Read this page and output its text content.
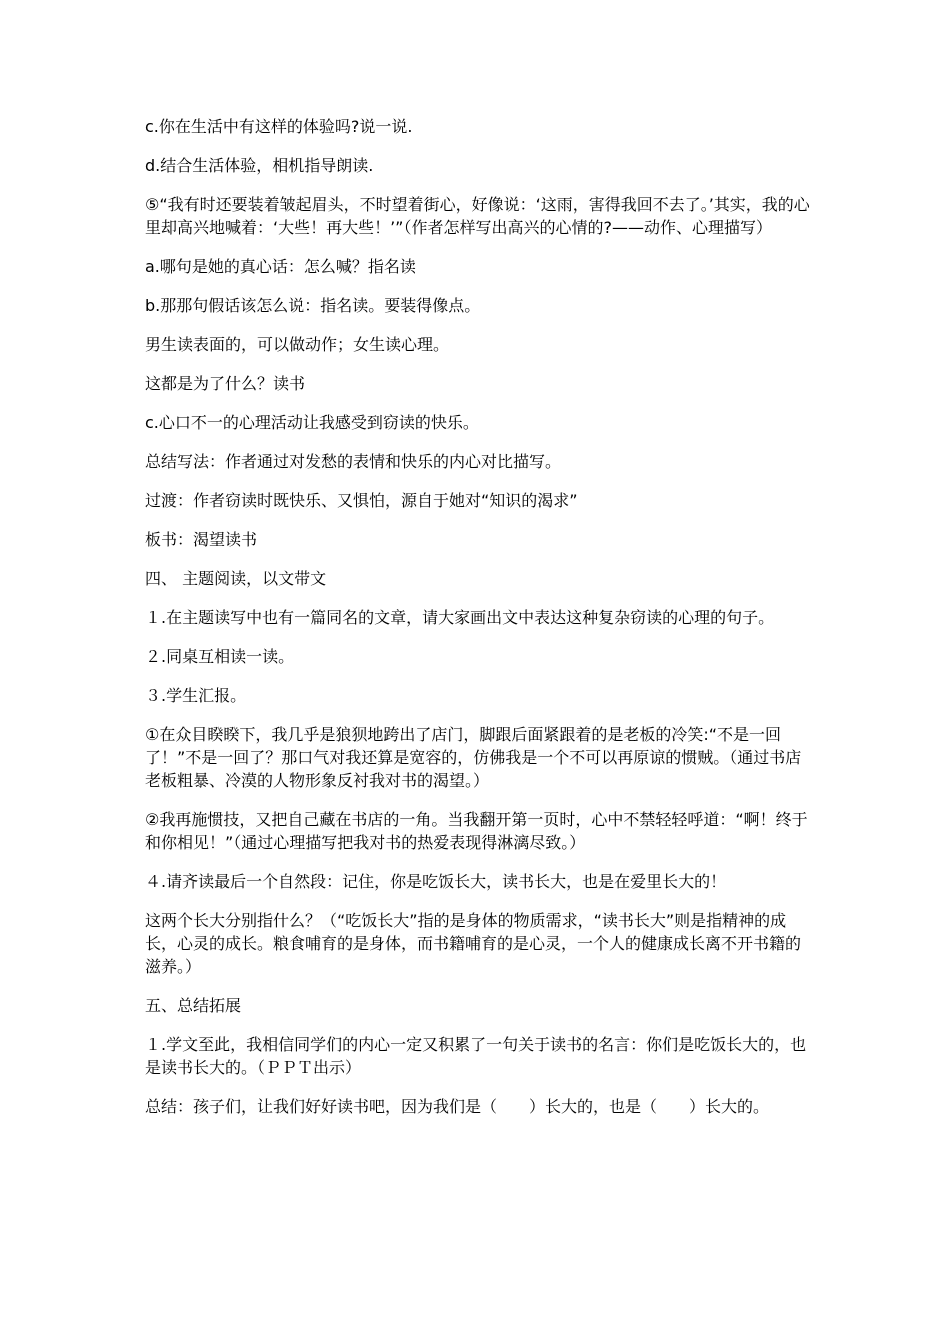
c.你在生活中有这样的体验吗?说一说.

d.结合生活体验，相机指导朗读.

⑤“我有时还要装着皱起眉头，不时望着街心，好像说：‘这雨，害得我回不去了。’其实，我的心里却高兴地喊着：‘大些！再大些！’”（作者怎样写出高兴的心情的?——动作、心理描写）

a.哪句是她的真心话：怎么喊？指名读

b.那那句假话该怎么说：指名读。要装得像点。

男生读表面的，可以做动作；女生读心理。

这都是为了什么？读书

c.心口不一的心理活动让我感受到窃读的快乐。

总结写法：作者通过对发愁的表情和快乐的内心对比描写。

过渡：作者窃读时既快乐、又惧怕，源自于她对“知识的渴求”

板书：渴望读书

四、 主题阅读，以文带文

１.在主题读写中也有一篇同名的文章，请大家画出文中表达这种复杂窃读的心理的句子。

２.同桌互相读一读。

３.学生汇报。

①在众目睽睽下，我几乎是狼狈地跨出了店门，脚跟后面紧跟着的是老板的冷笑:“不是一回了！”不是一回了？那口气对我还算是宽容的，仿佛我是一个不可以再原谅的惯贼。（通过书店老板粗暴、冷漠的人物形象反衬我对书的渴望。）

②我再施惯技，又把自己藏在书店的一角。当我翻开第一页时，心中不禁轻轻呼道：“啊！终于和你相见！”（通过心理描写把我对书的热爱表现得淋漓尽致。）

４.请齐读最后一个自然段：记住，你是吃饭长大，读书长大，也是在爱里长大的！

这两个长大分别指什么？（“吃饭长大”指的是身体的物质需求，“读书长大”则是指精神的成长，心灵的成长。粮食哺育的是身体，而书籍哺育的是心灵，一个人的健康成长离不开书籍的滋养。）

五、总结拓展

１.学文至此，我相信同学们的内心一定又积累了一句关于读书的名言：你们是吃饭长大的，也是读书长大的。（ＰＰＴ出示）

总结：孩子们，让我们好好读书吧，因为我们是（　　）长大的，也是（　　）长大的。
